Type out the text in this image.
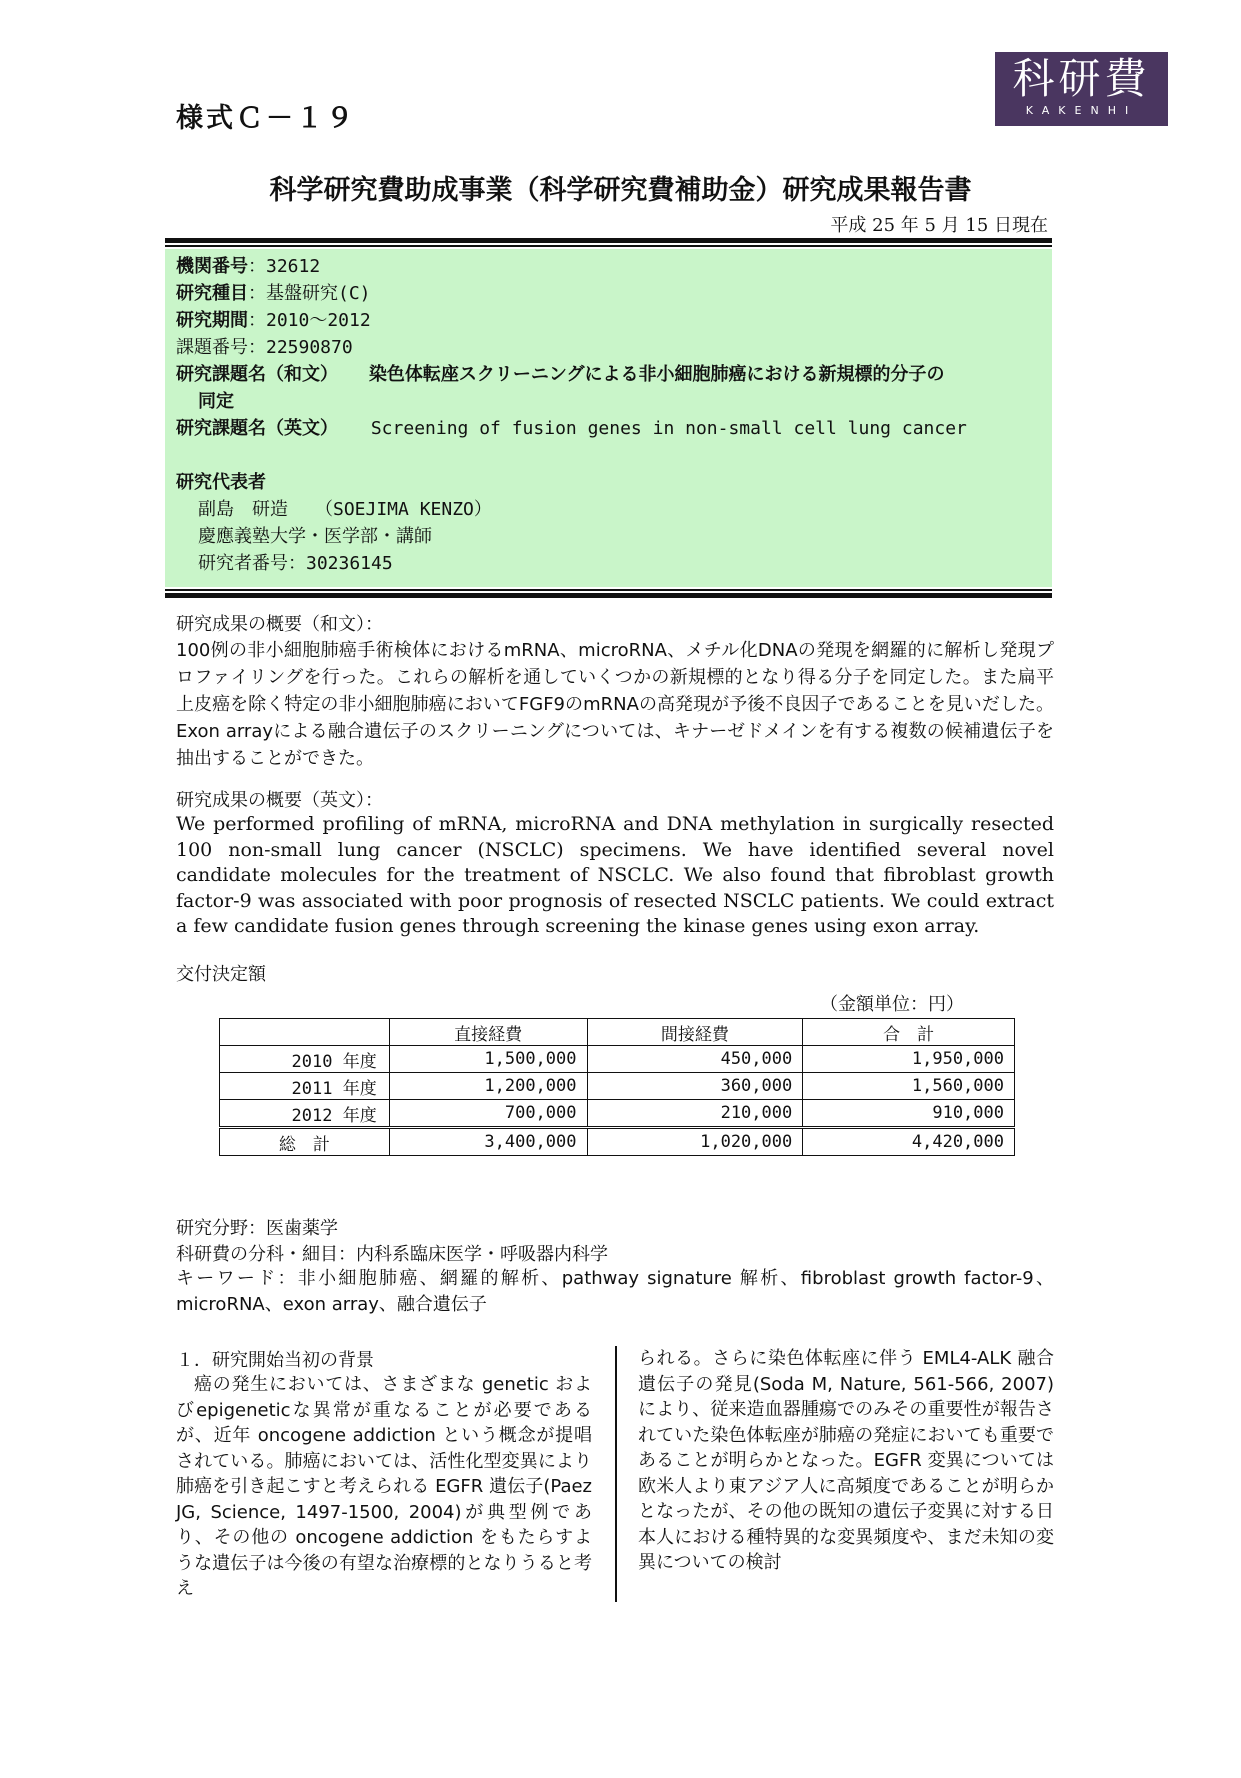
様式Ｃ－１９
科研費
KAKENHI
科学研究費助成事業（科学研究費補助金）研究成果報告書
平成 25 年 5 月 15 日現在
機関番号：32612
研究種目：基盤研究(C)
研究期間：2010～2012
課題番号：22590870
研究課題名（和文） 染色体転座スクリーニングによる非小細胞肺癌における新規標的分子の
同定
研究課題名（英文） Screening of fusion genes in non-small cell lung cancer
研究代表者
副島　研造　　（SOEJIMA KENZO）
慶應義塾大学・医学部・講師
研究者番号：30236145
研究成果の概要（和文）：
100例の非小細胞肺癌手術検体におけるmRNA、microRNA、メチル化DNAの発現を網羅的に解析し発現プロファイリングを行った。これらの解析を通していくつかの新規標的となり得る分子を同定した。また扁平上皮癌を除く特定の非小細胞肺癌においてFGF9のmRNAの高発現が予後不良因子であることを見いだした。Exon arrayによる融合遺伝子のスクリーニングについては、キナーゼドメインを有する複数の候補遺伝子を抽出することができた。
研究成果の概要（英文）：
We performed profiling of mRNA, microRNA and DNA methylation in surgically resected 100 non-small lung cancer (NSCLC) specimens. We have identified several novel candidate molecules for the treatment of NSCLC. We also found that fibroblast growth factor-9 was associated with poor prognosis of resected NSCLC patients. We could extract a few candidate fusion genes through screening the kinase genes using exon array.
交付決定額
（金額単位：円）
	直接経費	間接経費	合　計
2010 年度	1,500,000	450,000	1,950,000
2011 年度	1,200,000	360,000	1,560,000
2012 年度	700,000	210,000	910,000
総　計	3,400,000	1,020,000	4,420,000
研究分野：医歯薬学
科研費の分科・細目：内科系臨床医学・呼吸器内科学
キーワード：非小細胞肺癌、網羅的解析、pathway signature 解析、fibroblast growth factor-9、microRNA、exon array、融合遺伝子
１．研究開始当初の背景
癌の発生においては、さまざまな genetic およびepigeneticな異常が重なることが必要であるが、近年 oncogene addiction という概念が提唱されている。肺癌においては、活性化型変異により肺癌を引き起こすと考えられる EGFR 遺伝子(Paez JG, Science, 1497-1500, 2004)が典型例であり、その他の oncogene addiction をもたらすような遺伝子は今後の有望な治療標的となりうると考え
られる。さらに染色体転座に伴う EML4-ALK 融合遺伝子の発見(Soda M, Nature, 561-566, 2007)により、従来造血器腫瘍でのみその重要性が報告されていた染色体転座が肺癌の発症においても重要であることが明らかとなった。EGFR 変異については欧米人より東アジア人に高頻度であることが明らかとなったが、その他の既知の遺伝子変異に対する日本人における種特異的な変異頻度や、まだ未知の変異についての検討
